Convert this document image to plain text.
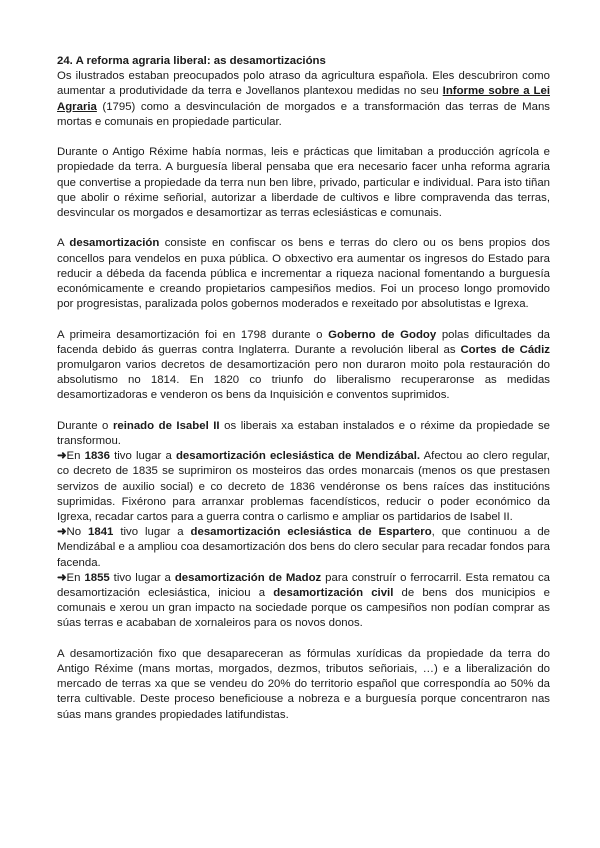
24. A reforma agraria liberal: as desamortizacións

Os ilustrados estaban preocupados polo atraso da agricultura española. Eles descubriron como aumentar a produtividade da terra e Jovellanos plantexou medidas no seu Informe sobre a Lei Agraria (1795) como a desvinculación de morgados e a transformación das terras de Mans mortas e comunais en propiedade particular.

Durante o Antigo Réxime había normas, leis e prácticas que limitaban a producción agrícola e propiedade da terra. A burguesía liberal pensaba que era necesario facer unha reforma agraria que convertise a propiedade da terra nun ben libre, privado, particular e individual. Para isto tiñan que abolir o réxime señorial, autorizar a liberdade de cultivos e libre compravenda das terras, desvincular os morgados e desamortizar as terras eclesiásticas e comunais.

A desamortización consiste en confiscar os bens e terras do clero ou os bens propios dos concellos para vendelos en puxa pública. O obxectivo era aumentar os ingresos do Estado para reducir a débeda da facenda pública e incrementar a riqueza nacional fomentando a burguesía económicamente e creando propietarios campesiños medios. Foi un proceso longo promovido por progresistas, paralizada polos gobernos moderados e rexeitado por absolutistas e Igrexa.

A primeira desamortización foi en 1798 durante o Goberno de Godoy polas dificultades da facenda debido ás guerras contra Inglaterra. Durante a revolución liberal as Cortes de Cádiz promulgaron varios decretos de desamortización pero non duraron moito pola restauración do absolutismo no 1814. En 1820 co triunfo do liberalismo recuperaronse as medidas desamortizadoras e venderon os bens da Inquisición e conventos suprimidos.

Durante o reinado de Isabel II os liberais xa estaban instalados e o réxime da propiedade se transformou.

➜En 1836 tivo lugar a desamortización eclesiástica de Mendizábal. Afectou ao clero regular, co decreto de 1835 se suprimiron os mosteiros das ordes monarcais (menos os que prestasen servizos de auxilio social) e co decreto de 1836 vendéronse os bens raíces das institucións suprimidas. Fixérono para arranxar problemas facendísticos, reducir o poder económico da Igrexa, recadar cartos para a guerra contra o carlismo e ampliar os partidarios de Isabel II.

➜No 1841 tivo lugar a desamortización eclesiástica de Espartero, que continuou a de Mendizábal e a ampliou coa desamortización dos bens do clero secular para recadar fondos para facenda.

➜En 1855 tivo lugar a desamortización de Madoz para construír o ferrocarril. Esta rematou ca desamortización eclesiástica, iniciou a desamortización civil de bens dos municipios e comunais e xerou un gran impacto na sociedade porque os campesiños non podían comprar as súas terras e acababan de xornaleiros para os novos donos.

A desamortización fixo que desapareceran as fórmulas xurídicas da propiedade da terra do Antigo Réxime (mans mortas, morgados, dezmos, tributos señoriais, …) e a liberalización do mercado de terras xa que se vendeu do 20% do territorio español que correspondía ao 50% da terra cultivable. Deste proceso beneficiouse a nobreza e a burguesía porque concentraron nas súas mans grandes propiedades latifundistas.
